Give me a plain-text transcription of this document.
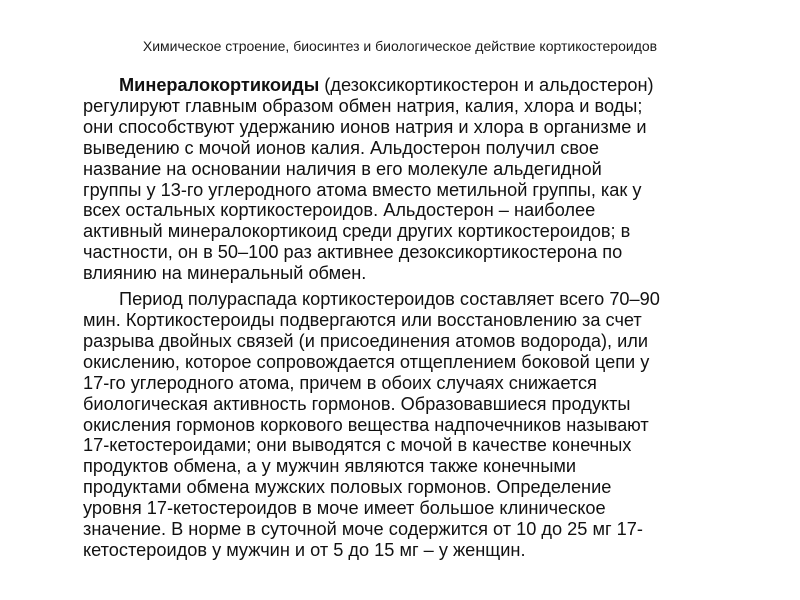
Химическое строение, биосинтез и биологическое действие кортикостероидов

Минералокортикоиды (дезоксикортикостерон и альдостерон)
регулируют главным образом обмен натрия, калия, хлора и воды;
они способствуют удержанию ионов натрия и хлора в организме и
выведению с мочой ионов калия. Альдостерон получил свое
название на основании наличия в его молекуле альдегидной
группы у 13-го углеродного атома вместо метильной группы, как у
всех остальных кортикостероидов. Альдостерон – наиболее
активный минералокортикоид среди других кортикостероидов; в
частности, он в 50–100 раз активнее дезоксикортикостерона по
влиянию на минеральный обмен.

Период полураспада кортикостероидов составляет всего 70–90
мин. Кортикостероиды подвергаются или восстановлению за счет
разрыва двойных связей (и присоединения атомов водорода), или
окислению, которое сопровождается отщеплением боковой цепи у
17-го углеродного атома, причем в обоих случаях снижается
биологическая активность гормонов. Образовавшиеся продукты
окисления гормонов коркового вещества надпочечников называют
17-кетостероидами; они выводятся с мочой в качестве конечных
продуктов обмена, а у мужчин являются также конечными
продуктами обмена мужских половых гормонов. Определение
уровня 17-кетостероидов в моче имеет большое клиническое
значение. В норме в суточной моче содержится от 10 до 25 мг 17-
кетостероидов у мужчин и от 5 до 15 мг – у женщин.
